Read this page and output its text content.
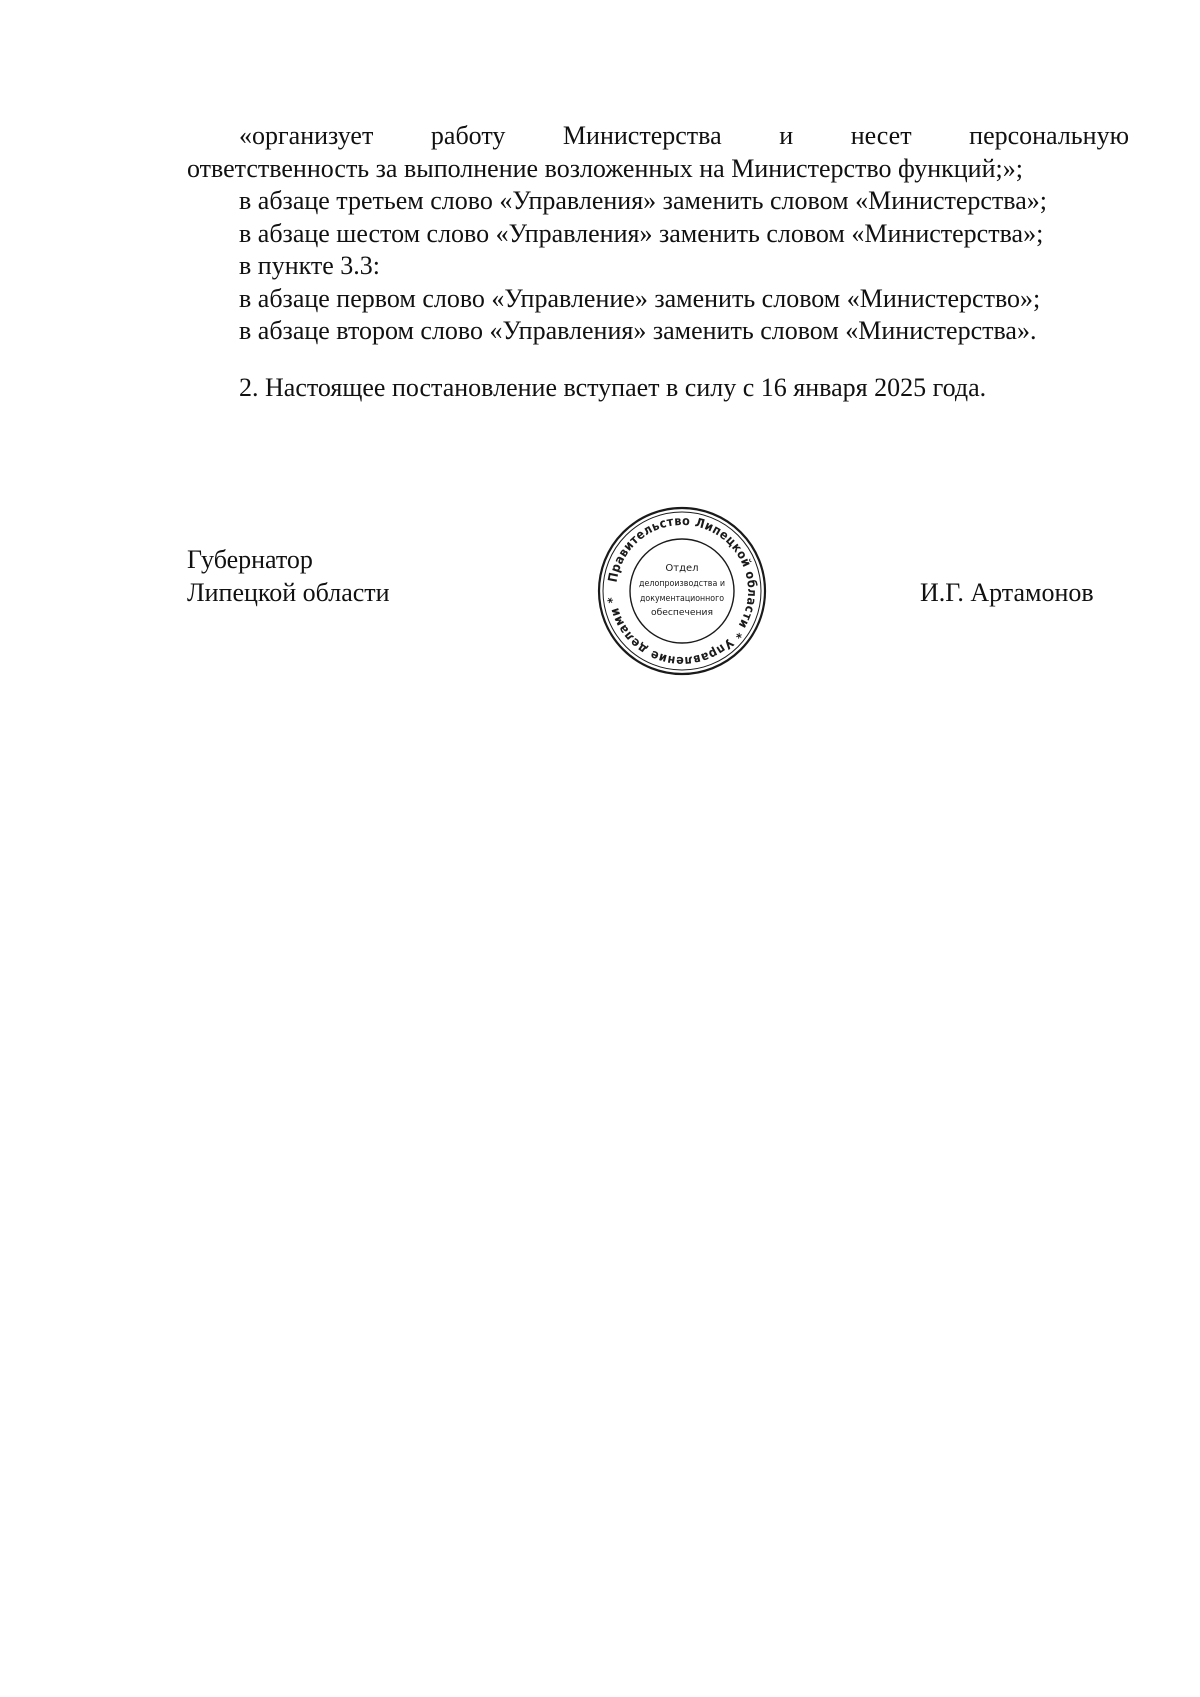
«организует работу Министерства и несет персональную
ответственность за выполнение возложенных на Министерство функций;»;

в абзаце третьем слово «Управления» заменить словом «Министерства»;

в абзаце шестом слово «Управления» заменить словом «Министерства»;

в пункте 3.3:

в абзаце первом слово «Управление» заменить словом «Министерство»;

в абзаце втором слово «Управления» заменить словом «Министерства».

2. Настоящее постановление вступает в силу с 16 января 2025 года.

Губернатор
Липецкой области	И.Г. Артамонов
Правительство Липецкой области * Управление делами *
Отдел
делопроизводства и
документационного
обеспечения
